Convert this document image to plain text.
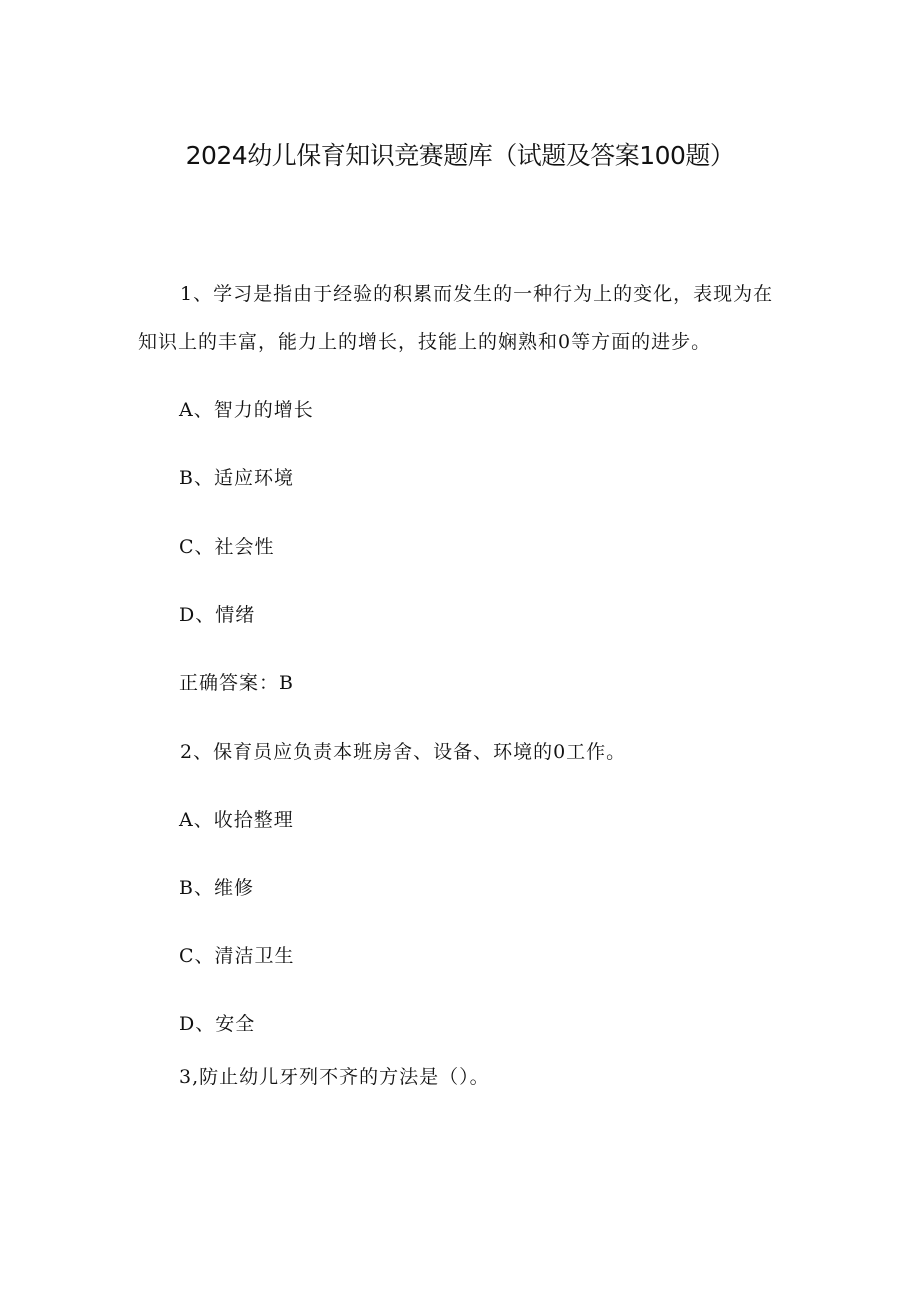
2024幼儿保育知识竞赛题库（试题及答案100题）
1、学习是指由于经验的积累而发生的一种行为上的变化，表现为在
知识上的丰富，能力上的增长，技能上的娴熟和0等方面的进步。
A、智力的增长
B、适应环境
C、社会性
D、情绪
正确答案：B
2、保育员应负责本班房舍、设备、环境的0工作。
A、收拾整理
B、维修
C、清洁卫生
D、安全
3,防止幼儿牙列不齐的方法是（）。
